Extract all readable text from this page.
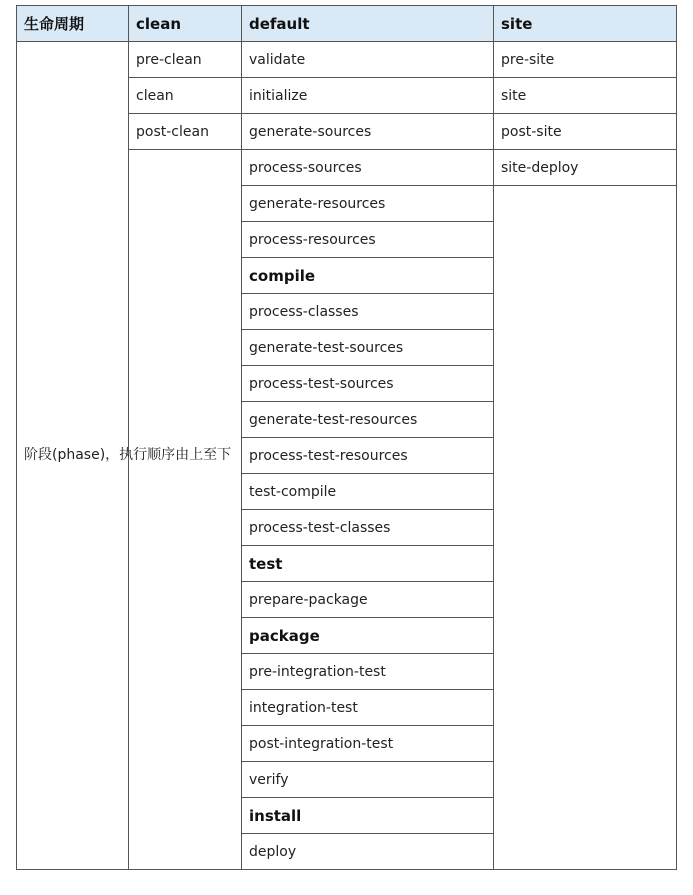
生命周期	clean	default	site
阶段(phase)，执行顺序由上至下	pre-clean	validate	pre-site
	clean	initialize	site
	post-clean	generate-sources	post-site
		process-sources	site-deploy
		generate-resources	
		process-resources	
		compile	
		process-classes	
		generate-test-sources	
		process-test-sources	
		generate-test-resources	
		process-test-resources	
		test-compile	
		process-test-classes	
		test	
		prepare-package	
		package	
		pre-integration-test	
		integration-test	
		post-integration-test	
		verify	
		install	
		deploy	
